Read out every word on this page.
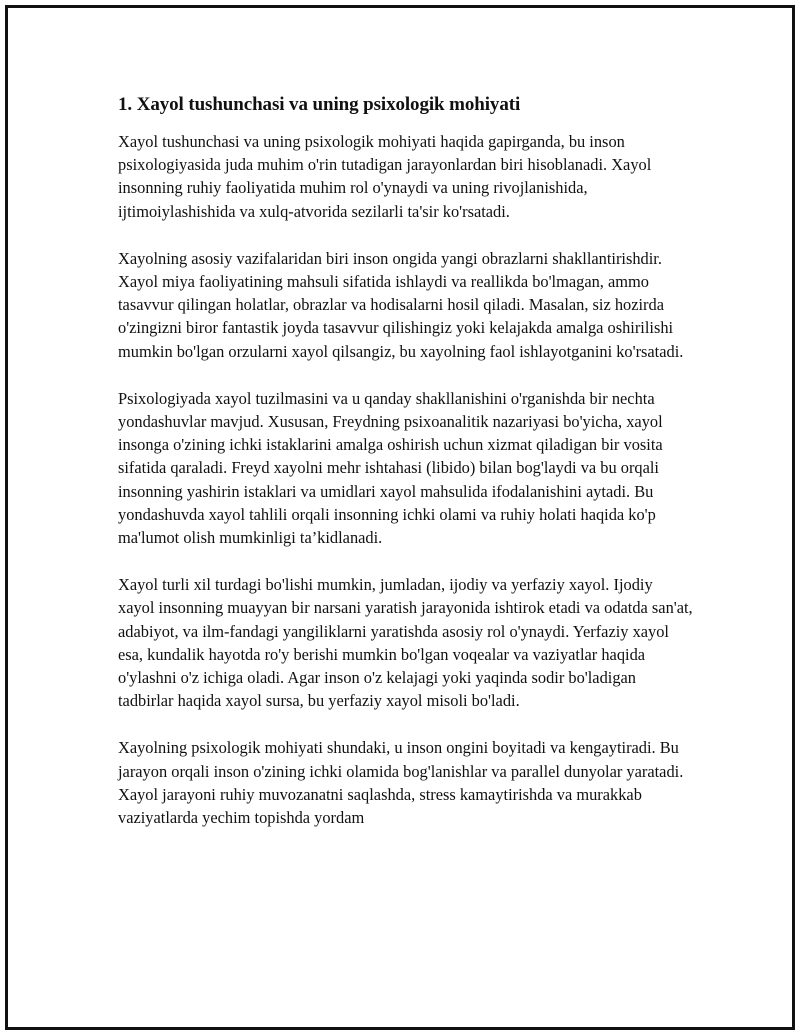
1. Xayol tushunchasi va uning psixologik mohiyati

Xayol tushunchasi va uning psixologik mohiyati haqida gapirganda, bu inson psixologiyasida juda muhim o'rin tutadigan jarayonlardan biri hisoblanadi. Xayol insonning ruhiy faoliyatida muhim rol o'ynaydi va uning rivojlanishida, ijtimoiylashishida va xulq-atvorida sezilarli ta'sir ko'rsatadi.

Xayolning asosiy vazifalaridan biri inson ongida yangi obrazlarni shakllantirishdir. Xayol miya faoliyatining mahsuli sifatida ishlaydi va reallikda bo'lmagan, ammo tasavvur qilingan holatlar, obrazlar va hodisalarni hosil qiladi. Masalan, siz hozirda o'zingizni biror fantastik joyda tasavvur qilishingiz yoki kelajakda amalga oshirilishi mumkin bo'lgan orzularni xayol qilsangiz, bu xayolning faol ishlayotganini ko'rsatadi.

Psixologiyada xayol tuzilmasini va u qanday shakllanishini o'rganishda bir nechta yondashuvlar mavjud. Xususan, Freydning psixoanalitik nazariyasi bo'yicha, xayol insonga o'zining ichki istaklarini amalga oshirish uchun xizmat qiladigan bir vosita sifatida qaraladi. Freyd xayolni mehr ishtahasi (libido) bilan bog'laydi va bu orqali insonning yashirin istaklari va umidlari xayol mahsulida ifodalanishini aytadi. Bu yondashuvda xayol tahlili orqali insonning ichki olami va ruhiy holati haqida ko'p ma'lumot olish mumkinligi ta’kidlanadi.

Xayol turli xil turdagi bo'lishi mumkin, jumladan, ijodiy va yerfaziy xayol. Ijodiy xayol insonning muayyan bir narsani yaratish jarayonida ishtirok etadi va odatda san'at, adabiyot, va ilm-fandagi yangiliklarni yaratishda asosiy rol o'ynaydi. Yerfaziy xayol esa, kundalik hayotda ro'y berishi mumkin bo'lgan voqealar va vaziyatlar haqida o'ylashni o'z ichiga oladi. Agar inson o'z kelajagi yoki yaqinda sodir bo'ladigan tadbirlar haqida xayol sursa, bu yerfaziy xayol misoli bo'ladi.

Xayolning psixologik mohiyati shundaki, u inson ongini boyitadi va kengaytiradi. Bu jarayon orqali inson o'zining ichki olamida bog'lanishlar va parallel dunyolar yaratadi. Xayol jarayoni ruhiy muvozanatni saqlashda, stress kamaytirishda va murakkab vaziyatlarda yechim topishda yordam
